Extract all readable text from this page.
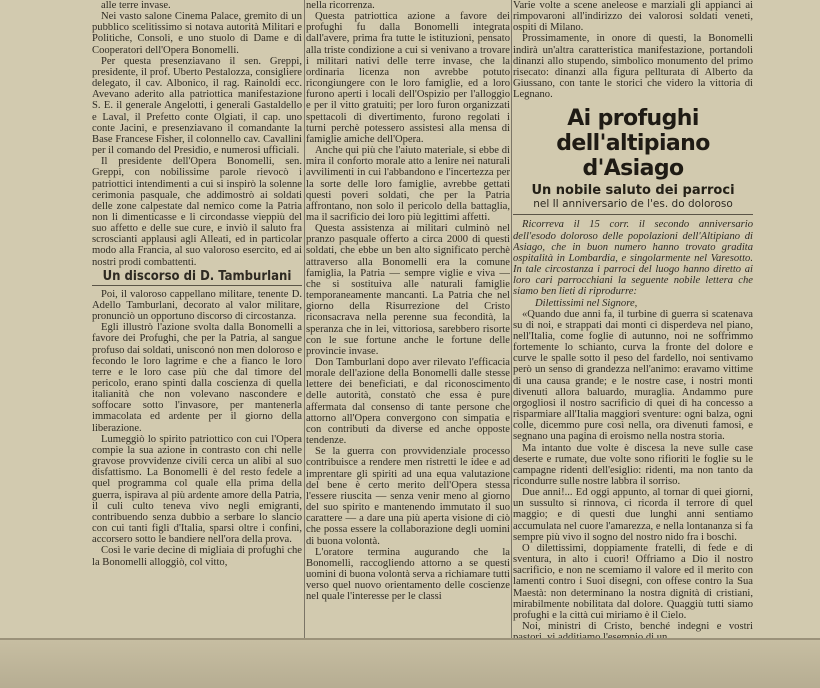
alle terre invase.

Nei vasto salone Cinema Palace, gremito di un pubblico scelitissimo si notava autorità Militari e Politiche, Consoli, e uno stuolo di Dame e di Cooperatori dell'Opera Bonomelli.

Per questa presenziavano il sen. Greppi, presidente, il prof. Uberto Pestalozza, consigliere delegato, il cav. Albonico, il rag. Rainoldi ecc. Avevano aderito alla patriottica manifestazione S. E. il generale Angelotti, i generali Gastaldello e Laval, il Prefetto conte Olgiati, il cap. uno conte Jacini, e presenziavano il comandante la Base Francese Fisher, il colonnello cav. Cavallini per il comando del Presidio, e numerosi ufficiali.

Il presidente dell'Opera Bonomelli, sen. Greppi, con nobilissime parole rievocò i patriottici intendimenti a cui si inspirò la solenne cerimonia pasquale, che addimostrò ai soldati delle zone calpestate dal nemico come la Patria non li dimenticasse e li circondasse vieppiù del suo affetto e delle sue cure, e inviò il saluto fra scroscianti applausi agli Alleati, ed in particolar modo alla Francia, al suo valoroso esercito, ed ai nostri prodi combattenti.

Un discorso di D. Tamburlani

Poi, il valoroso cappellano militare, tenente D. Adello Tamburlani, decorato al valor militare, pronunciò un opportuno discorso di circostanza.

Egli illustrò l'azione svolta dalla Bonomelli a favore dei Profughi, che per la Patria, al sangue profuso dai soldati, unisconó non men doloroso e fecondo le loro lagrime e che a fianco le loro terre e le loro case più che dal timore del pericolo, erano spinti dalla coscienza di quella italianità che non volevano nascondere e soffocare sotto l'invasore, per mantenerla immacolata ed ardente per il giorno della liberazione.

Lumeggiò lo spirito patriottico con cui l'Opera compie la sua azione in contrasto con chi nelle gravose provvidenze civili cerca un alibi al suo disfattismo. La Bonomelli è del resto fedele a quel programma col quale ella prima della guerra, ispirava al più ardente amore della Patria, il culi culto teneva vivo negli emigranti, contribuendo senza dubbio a serbare lo slancio con cui tanti figli d'Italia, sparsi oltre i confini, accorsero sotto le bandiere nell'ora della prova.

Così le varie decine di migliaia di profughi che la Bonomelli alloggiò, col vitto,

nella ricorrenza.

Questa patriottica azione a favore dei profughi fu dalla Bonomelli integrata dall'avere, prima fra tutte le istituzioni, pensato alla triste condizione a cui si venivano a trovare i militari nativi delle terre invase, che la ordinaria licenza non avrebbe potuto ricongiungere con le loro famiglie, ed a loro furono aperti i locali dell'Ospizio per l'alloggio e per il vitto gratuiti; per loro furon organizzati spettacoli di divertimento, furono regolati i turni perchè potessero assistesi alla mensa di famiglie amiche dell'Opera.

Anche qui più che l'aiuto materiale, si ebbe di mira il conforto morale atto a lenire nei naturali avvilimenti in cui l'abbandono e l'incertezza per la sorte delle loro famiglie, avrebbe gettati questi poveri soldati, che per la Patria affrontano, non solo il pericolo della battaglia, ma il sacrificio dei loro più legittimi affetti.

Questa assistenza ai militari culminò nel pranzo pasquale offerto a circa 2000 di questi soldati, che ebbe un ben alto significato perchè attraverso alla Bonomelli era la comune famiglia, la Patria — sempre viglie e viva — che si sostituiva alle naturali famiglie temporaneamente mancanti. La Patria che nel giorno della Risurrezione del Cristo riconsacrava nella perenne sua fecondità, la speranza che in lei, vittoriosa, sarebbero risorte con le sue fortune anche le fortune delle provincie invase.

Don Tamburlani dopo aver rilevato l'efficacia morale dell'azione della Bonomelli dalle stesse lettere dei beneficiati, e dal riconoscimento delle autorità, constatò che essa è pure affermata dal consenso di tante persone che attorno all'Opera convergono con simpatia e con contributi da diverse ed anche opposte tendenze.

Se la guerra con provvidenziale processo contribuisce a rendere men ristretti le idee e ad imprentare gli spiriti ad una equa valutazione del bene è certo merito dell'Opera stessa l'essere riuscita — senza venir meno al giorno del suo spirito e mantenendo immutato il suo carattere — a dare una più aperta visione di ciò che possa essere la collaborazione degli uomini di buona volontà.

L'oratore termina augurando che la Bonomelli, raccogliendo attorno a se questi uomini di buona volontà serva a richiamare tutti verso quel nuovo orientamento delle coscienze nel quale l'interesse per le classi

Varie volte a scene aneleose e marziali gli appianci ai rimpovaroni all'indirizzo dei valorosi soldati veneti, ospiti di Milano.

Prossimamente, in onore di questi, la Bonomelli indirà un'altra caratteristica manifestazione, portandoli dinanzi allo stupendo, simbolico monumento del primo risecato: dinanzi alla figura pellturata di Alberto da Giussano, con tante le storici che videro la vittoria di Legnano.

Ai profughi dell'altipiano d'Asiago
Un nobile saluto dei parroci
nel II anniversario de l'es. do doloroso

Ricorreva il 15 corr. il secondo anniversario dell'esodo doloroso delle popolazioni dell'Altipiano di Asiago, che in buon numero hanno trovato gradita ospitalità in Lombardia, e singolarmente nel Varesotto. In tale circostanza i parroci del luogo hanno diretto ai loro cari parrocchiani la seguente nobile lettera che siamo ben lieti di riprodurre:

Dilettissimi nel Signore,

«Quando due anni fa, il turbine di guerra si scatenava su di noi, e strappati dai monti ci disperdeva nel piano, nell'Italia, come foglie di autunno, noi ne soffrimmo fortemente lo schianto, curva la fronte del dolore e curve le spalle sotto il peso del fardello, noi sentivamo però un senso di grandezza nell'animo: eravamo vittime di una causa grande; e le nostre case, i nostri monti divenuti allora baluardo, muraglia. Andammo pure orgogliosi il nostro sacrificio di quei di ha concesso a risparmiare all'Italia maggiori sventure: ogni balza, ogni colle, dicemmo pure così nella, ora divenuti famosi, e segnano una pagina di eroismo nella nostra storia.

Ma intanto due volte è discesa la neve sulle case deserte e rumate, due volte sono rifioriti le foglie su le campagne ridenti dell'esiglio: ridenti, ma non tanto da ricondurre sulle nostre labbra il sorriso.

Due anni!... Ed oggi appunto, al tornar di quei giorni, un sussulto si rinnova, ci ricorda il terrore di quel maggio; e di questi due lunghi anni sentiamo accumulata nel cuore l'amarezza, e nella lontananza si fa sempre più vivo il sogno del nostro nido fra i boschi.

O dilettissimi, doppiamente fratelli, di fede e di sventura, in alto i cuori! Offriamo a Dio il nostro sacrificio, e non ne scemiamo il valore ed il merito con lamenti contro i Suoi disegni, con offese contro la Sua Maestà: non determinano la nostra dignità di cristiani, mirabilmente nobilitata dal dolore. Quaggiù tutti siamo profughi e la città cui miriamo è il Cielo.

Noi, ministri di Cristo, benché indegni e vostri
